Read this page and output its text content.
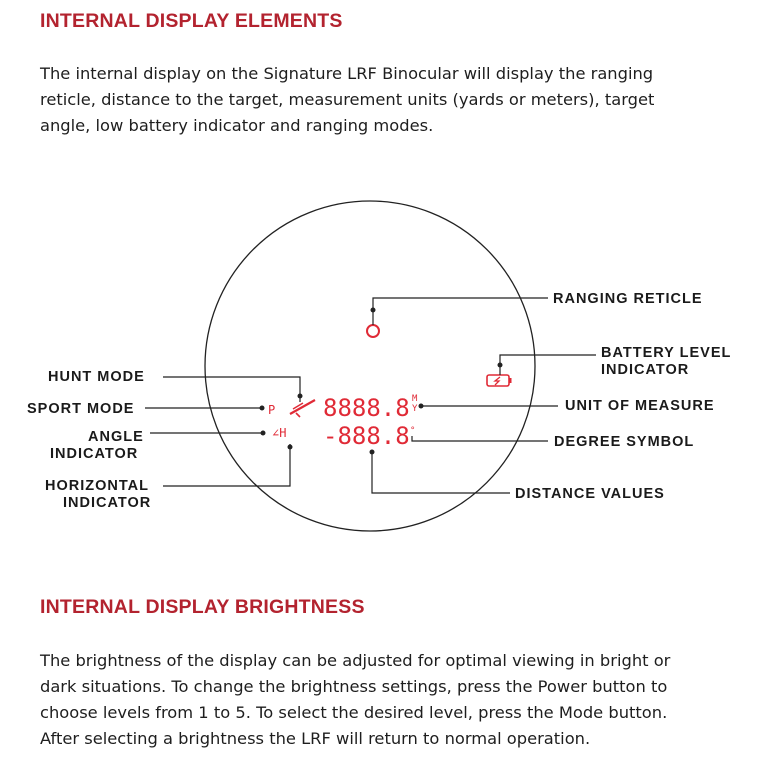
INTERNAL DISPLAY ELEMENTS

The internal display on the Signature LRF Binocular will display the ranging
reticle, distance to the target, measurement units (yards or meters), target
angle, low battery indicator and ranging modes.

RANGING RETICLE
BATTERY LEVEL
INDICATOR
HUNT MODE
P
SPORT MODE	8888.8 M
Y	UNIT OF MEASURE
∠H
ANGLE
INDICATOR
-888.8 °
DEGREE SYMBOL
HORIZONTAL
INDICATOR
DISTANCE VALUES
INTERNAL DISPLAY BRIGHTNESS

The brightness of the display can be adjusted for optimal viewing in bright or
dark situations. To change the brightness settings, press the Power button to
choose levels from 1 to 5. To select the desired level, press the Mode button.
After selecting a brightness the LRF will return to normal operation.
